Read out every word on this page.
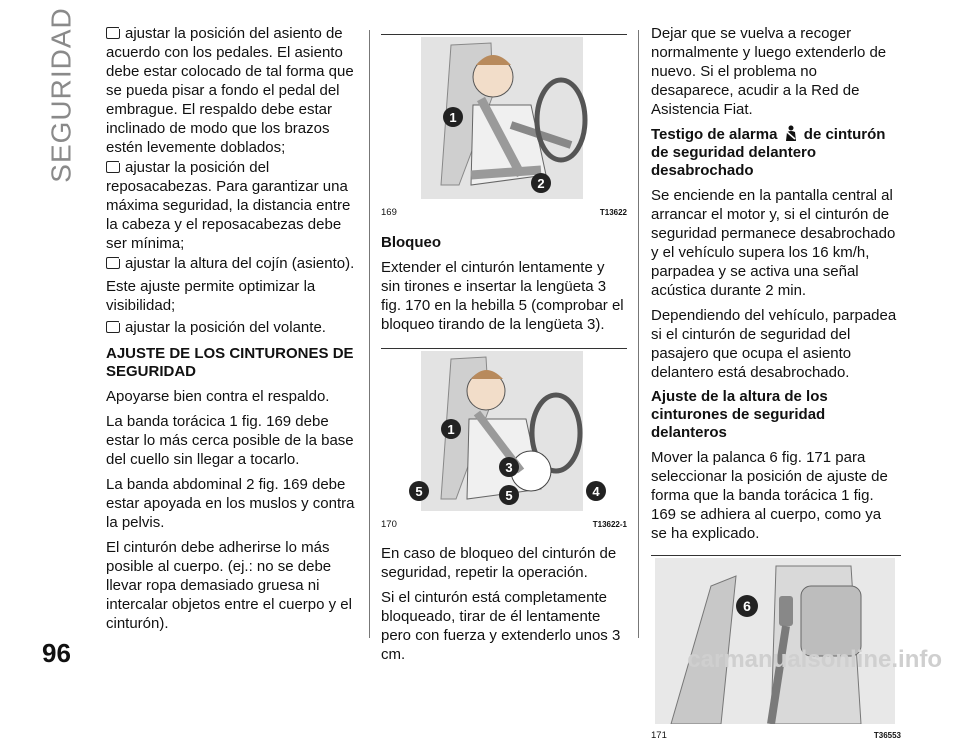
SEGURIDAD	ajustar la posición del asiento de acuerdo con los pedales. El asiento debe estar colocado de tal forma que se pueda pisar a fondo el pedal del embrague. El respaldo debe estar inclinado de modo que los brazos estén levemente doblados;

ajustar la posición del reposacabezas. Para garantizar una máxima seguridad, la distancia entre la cabeza y el reposacabezas debe ser mínima;

ajustar la altura del cojín (asiento).

Este ajuste permite optimizar la visibilidad;

ajustar la posición del volante.

AJUSTE DE LOS CINTURONES DE SEGURIDAD

Apoyarse bien contra el respaldo.

La banda torácica 1 fig. 169 debe estar lo más cerca posible de la base del cuello sin llegar a tocarlo.

La banda abdominal 2 fig. 169 debe estar apoyada en los muslos y contra la pelvis.

El cinturón debe adherirse lo más posible al cuerpo. (ej.: no se debe llevar ropa demasiado gruesa ni intercalar objetos entre el cuerpo y el cinturón).

1
2
169	T13622
Bloqueo

Extender el cinturón lentamente y sin tirones e insertar la lengüeta 3 fig. 170 en la hebilla 5 (comprobar el bloqueo tirando de la lengüeta 3).

1
3
5	5	4
170	T13622-1

En caso de bloqueo del cinturón de seguridad, repetir la operación.

Si el cinturón está completamente bloqueado, tirar de él lentamente pero con fuerza y extenderlo unos 3 cm.

Dejar que se vuelva a recoger normalmente y luego extenderlo de nuevo. Si el problema no desaparece, acudir a la Red de Asistencia Fiat.

Testigo de alarma de cinturón de seguridad delantero desabrochado

Se enciende en la pantalla central al arrancar el motor y, si el cinturón de seguridad permanece desabrochado y el vehículo supera los 16 km/h, parpadea y se activa una señal acústica durante 2 min.

Dependiendo del vehículo, parpadea si el cinturón de seguridad del pasajero que ocupa el asiento delantero está desabrochado.

Ajuste de la altura de los cinturones de seguridad delanteros

Mover la palanca 6 fig. 171 para seleccionar la posición de ajuste de forma que la banda torácica 1 fig. 169 se adhiera al cuerpo, como ya se ha explicado.

6
171	T36553
96	carmanualsonline.info
